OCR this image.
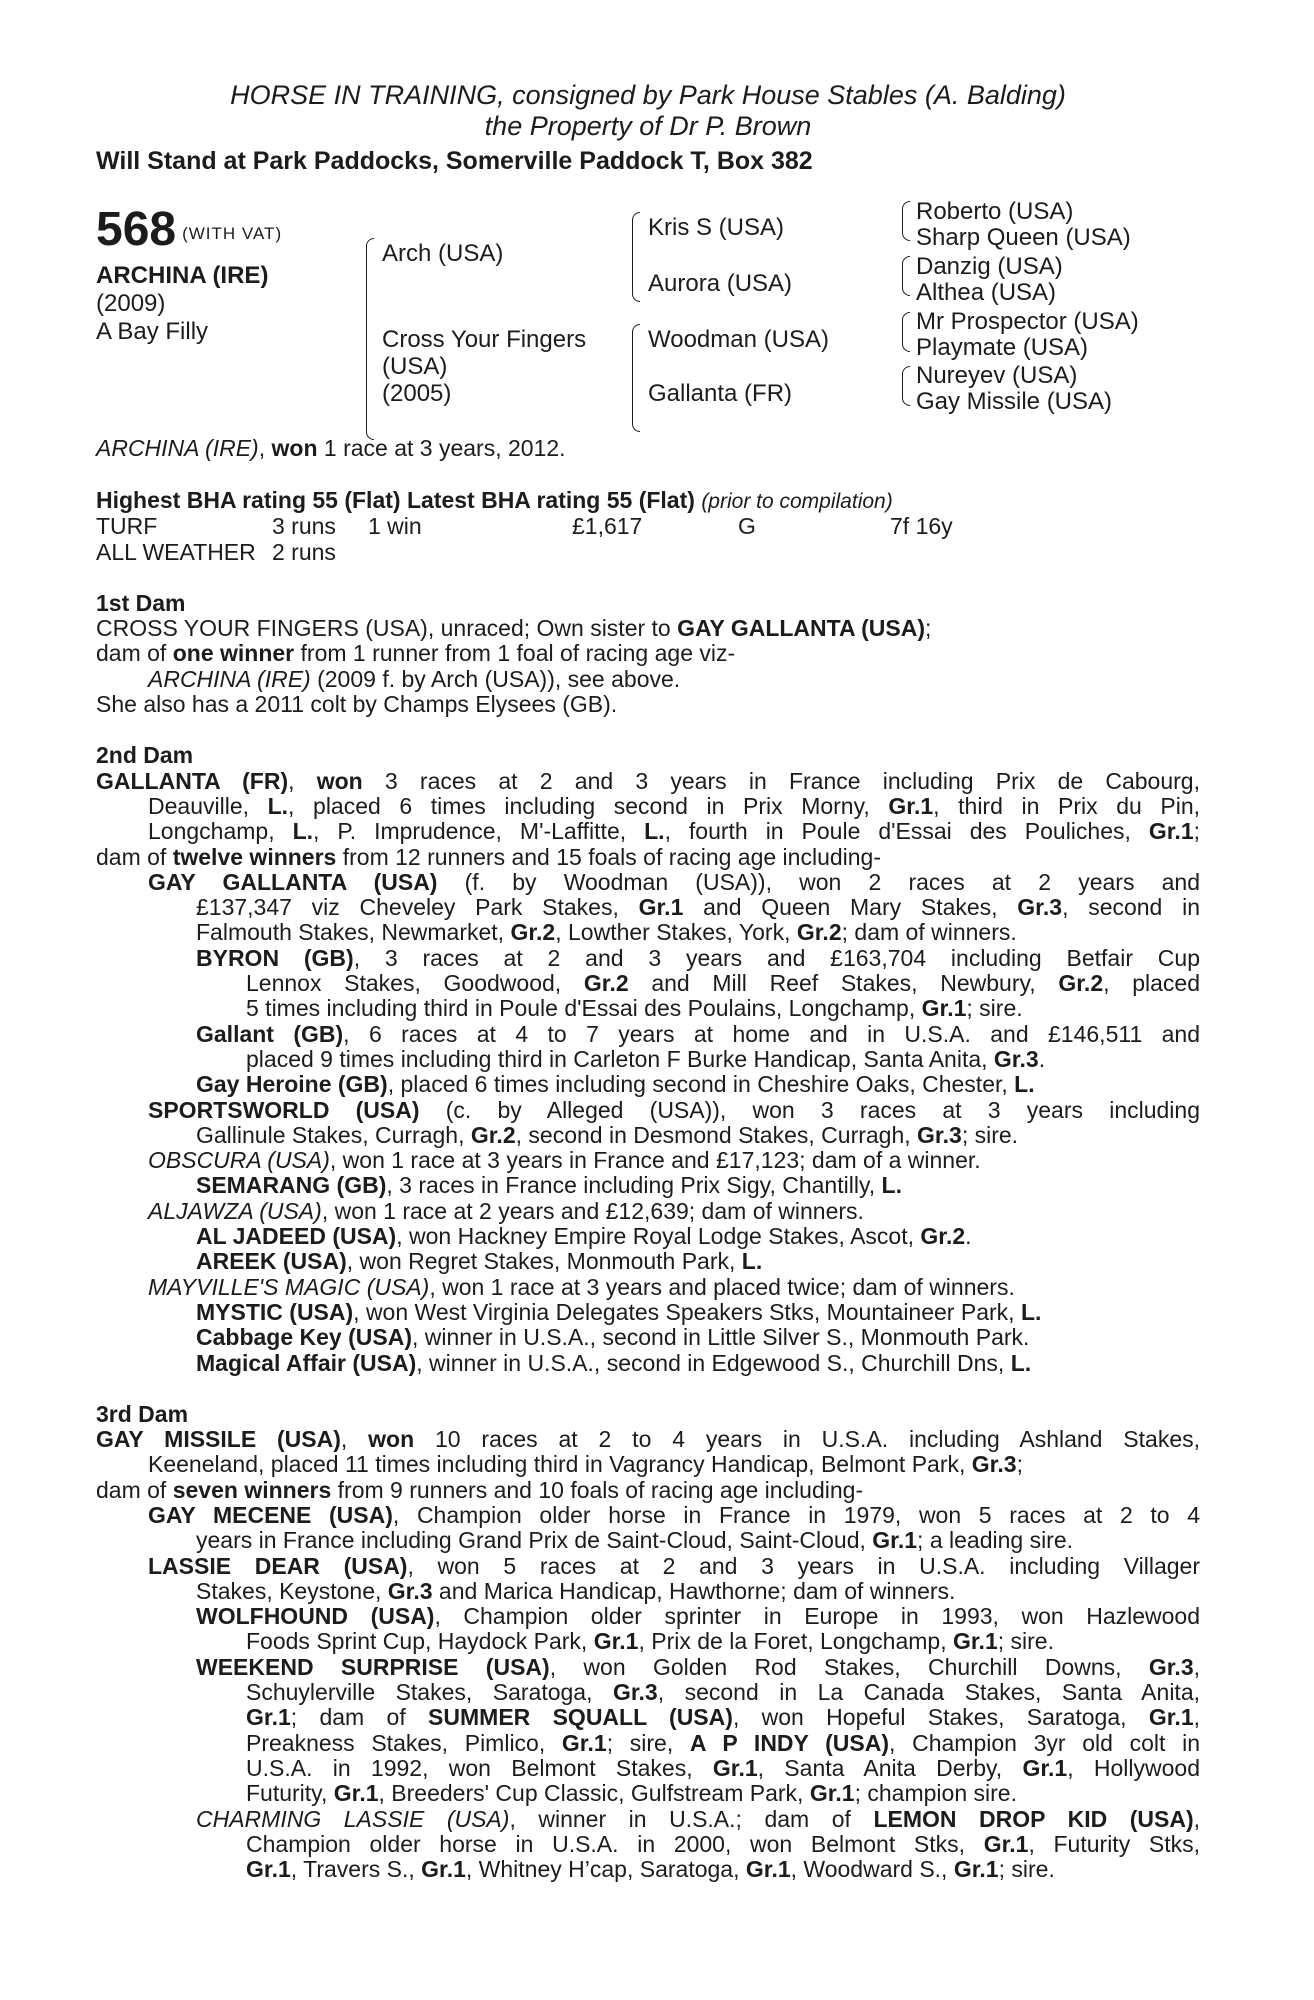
HORSE IN TRAINING, consigned by Park House Stables (A. Balding)
the Property of Dr P. Brown
Will Stand at Park Paddocks, Somerville Paddock T, Box 382
568 (WITH VAT)
ARCHINA (IRE)
(2009)
A Bay Filly
Arch (USA)
Cross Your Fingers
(USA)
(2005)
Kris S (USA)
Aurora (USA)
Woodman (USA)
Gallanta (FR)
Roberto (USA)
Sharp Queen (USA)
Danzig (USA)
Althea (USA)
Mr Prospector (USA)
Playmate (USA)
Nureyev (USA)
Gay Missile (USA)
ARCHINA (IRE), won 1 race at 3 years, 2012.
Highest BHA rating 55 (Flat) Latest BHA rating 55 (Flat) (prior to compilation)
TURF	3 runs	1 win	£1,617	G	7f 16y
ALL WEATHER 2 runs
1st Dam
CROSS YOUR FINGERS (USA), unraced; Own sister to GAY GALLANTA (USA);
dam of one winner from 1 runner from 1 foal of racing age viz-
ARCHINA (IRE) (2009 f. by Arch (USA)), see above.
She also has a 2011 colt by Champs Elysees (GB).
2nd Dam
GALLANTA (FR), won 3 races at 2 and 3 years in France including Prix de Cabourg,
Deauville, L., placed 6 times including second in Prix Morny, Gr.1, third in Prix du Pin,
Longchamp, L., P. Imprudence, M'-Laffitte, L., fourth in Poule d'Essai des Pouliches, Gr.1;
dam of twelve winners from 12 runners and 15 foals of racing age including-
GAY GALLANTA (USA) (f. by Woodman (USA)), won 2 races at 2 years and
£137,347 viz Cheveley Park Stakes, Gr.1 and Queen Mary Stakes, Gr.3, second in
Falmouth Stakes, Newmarket, Gr.2, Lowther Stakes, York, Gr.2; dam of winners.
BYRON (GB), 3 races at 2 and 3 years and £163,704 including Betfair Cup
Lennox Stakes, Goodwood, Gr.2 and Mill Reef Stakes, Newbury, Gr.2, placed
5 times including third in Poule d'Essai des Poulains, Longchamp, Gr.1; sire.
Gallant (GB), 6 races at 4 to 7 years at home and in U.S.A. and £146,511 and
placed 9 times including third in Carleton F Burke Handicap, Santa Anita, Gr.3.
Gay Heroine (GB), placed 6 times including second in Cheshire Oaks, Chester, L.
SPORTSWORLD (USA) (c. by Alleged (USA)), won 3 races at 3 years including
Gallinule Stakes, Curragh, Gr.2, second in Desmond Stakes, Curragh, Gr.3; sire.
OBSCURA (USA), won 1 race at 3 years in France and £17,123; dam of a winner.
SEMARANG (GB), 3 races in France including Prix Sigy, Chantilly, L.
ALJAWZA (USA), won 1 race at 2 years and £12,639; dam of winners.
AL JADEED (USA), won Hackney Empire Royal Lodge Stakes, Ascot, Gr.2.
AREEK (USA), won Regret Stakes, Monmouth Park, L.
MAYVILLE'S MAGIC (USA), won 1 race at 3 years and placed twice; dam of winners.
MYSTIC (USA), won West Virginia Delegates Speakers Stks, Mountaineer Park, L.
Cabbage Key (USA), winner in U.S.A., second in Little Silver S., Monmouth Park.
Magical Affair (USA), winner in U.S.A., second in Edgewood S., Churchill Dns, L.
3rd Dam
GAY MISSILE (USA), won 10 races at 2 to 4 years in U.S.A. including Ashland Stakes,
Keeneland, placed 11 times including third in Vagrancy Handicap, Belmont Park, Gr.3;
dam of seven winners from 9 runners and 10 foals of racing age including-
GAY MECENE (USA), Champion older horse in France in 1979, won 5 races at 2 to 4
years in France including Grand Prix de Saint-Cloud, Saint-Cloud, Gr.1; a leading sire.
LASSIE DEAR (USA), won 5 races at 2 and 3 years in U.S.A. including Villager
Stakes, Keystone, Gr.3 and Marica Handicap, Hawthorne; dam of winners.
WOLFHOUND (USA), Champion older sprinter in Europe in 1993, won Hazlewood
Foods Sprint Cup, Haydock Park, Gr.1, Prix de la Foret, Longchamp, Gr.1; sire.
WEEKEND SURPRISE (USA), won Golden Rod Stakes, Churchill Downs, Gr.3,
Schuylerville Stakes, Saratoga, Gr.3, second in La Canada Stakes, Santa Anita,
Gr.1; dam of SUMMER SQUALL (USA), won Hopeful Stakes, Saratoga, Gr.1,
Preakness Stakes, Pimlico, Gr.1; sire, A P INDY (USA), Champion 3yr old colt in
U.S.A. in 1992, won Belmont Stakes, Gr.1, Santa Anita Derby, Gr.1, Hollywood
Futurity, Gr.1, Breeders' Cup Classic, Gulfstream Park, Gr.1; champion sire.
CHARMING LASSIE (USA), winner in U.S.A.; dam of LEMON DROP KID (USA),
Champion older horse in U.S.A. in 2000, won Belmont Stks, Gr.1, Futurity Stks,
Gr.1, Travers S., Gr.1, Whitney H’cap, Saratoga, Gr.1, Woodward S., Gr.1; sire.
